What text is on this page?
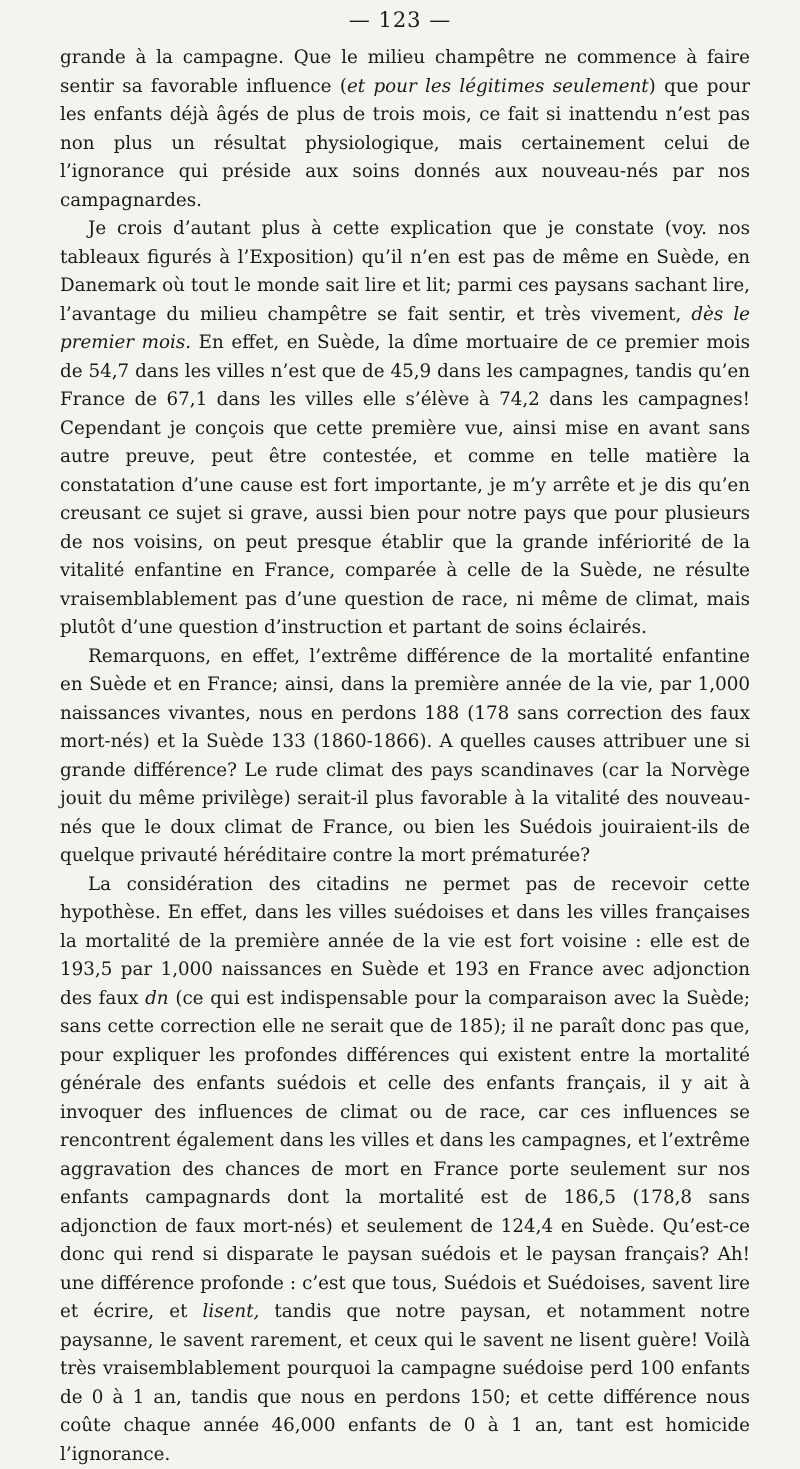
— 123 —

grande à la campagne. Que le milieu champêtre ne commence à faire sentir sa favorable influence (et pour les légitimes seulement) que pour les enfants déjà âgés de plus de trois mois, ce fait si inattendu n’est pas non plus un résultat physiologique, mais certainement celui de l’ignorance qui préside aux soins donnés aux nouveau-nés par nos campagnardes.

Je crois d’autant plus à cette explication que je constate (voy. nos tableaux figurés à l’Exposition) qu’il n’en est pas de même en Suède, en Danemark où tout le monde sait lire et lit; parmi ces paysans sachant lire, l’avantage du milieu champêtre se fait sentir, et très vivement, dès le premier mois. En effet, en Suède, la dîme mortuaire de ce premier mois de 54,7 dans les villes n’est que de 45,9 dans les campagnes, tandis qu’en France de 67,1 dans les villes elle s’élève à 74,2 dans les campagnes! Cependant je conçois que cette première vue, ainsi mise en avant sans autre preuve, peut être contestée, et comme en telle matière la constatation d’une cause est fort importante, je m’y arrête et je dis qu’en creusant ce sujet si grave, aussi bien pour notre pays que pour plusieurs de nos voisins, on peut presque établir que la grande infériorité de la vitalité enfantine en France, comparée à celle de la Suède, ne résulte vraisemblablement pas d’une question de race, ni même de climat, mais plutôt d’une question d’instruction et partant de soins éclairés.

Remarquons, en effet, l’extrême différence de la mortalité enfantine en Suède et en France; ainsi, dans la première année de la vie, par 1,000 naissances vivantes, nous en perdons 188 (178 sans correction des faux mort-nés) et la Suède 133 (1860-1866). A quelles causes attribuer une si grande différence? Le rude climat des pays scandinaves (car la Norvège jouit du même privilège) serait-il plus favorable à la vitalité des nouveau-nés que le doux climat de France, ou bien les Suédois jouiraient-ils de quelque privauté héréditaire contre la mort prématurée?

La considération des citadins ne permet pas de recevoir cette hypothèse. En effet, dans les villes suédoises et dans les villes françaises la mortalité de la première année de la vie est fort voisine : elle est de 193,5 par 1,000 naissances en Suède et 193 en France avec adjonction des faux dn (ce qui est indispensable pour la comparaison avec la Suède; sans cette correction elle ne serait que de 185); il ne paraît donc pas que, pour expliquer les profondes différences qui existent entre la mortalité générale des enfants suédois et celle des enfants français, il y ait à invoquer des influences de climat ou de race, car ces influences se rencontrent également dans les villes et dans les campagnes, et l’extrême aggravation des chances de mort en France porte seulement sur nos enfants campagnards dont la mortalité est de 186,5 (178,8 sans adjonction de faux mort-nés) et seulement de 124,4 en Suède. Qu’est-ce donc qui rend si disparate le paysan suédois et le paysan français? Ah! une différence profonde : c’est que tous, Suédois et Suédoises, savent lire et écrire, et lisent, tandis que notre paysan, et notamment notre paysanne, le savent rarement, et ceux qui le savent ne lisent guère! Voilà très vraisemblablement pourquoi la campagne suédoise perd 100 enfants de 0 à 1 an, tandis que nous en perdons 150; et cette différence nous coûte chaque année 46,000 enfants de 0 à 1 an, tant est homicide l’ignorance.
